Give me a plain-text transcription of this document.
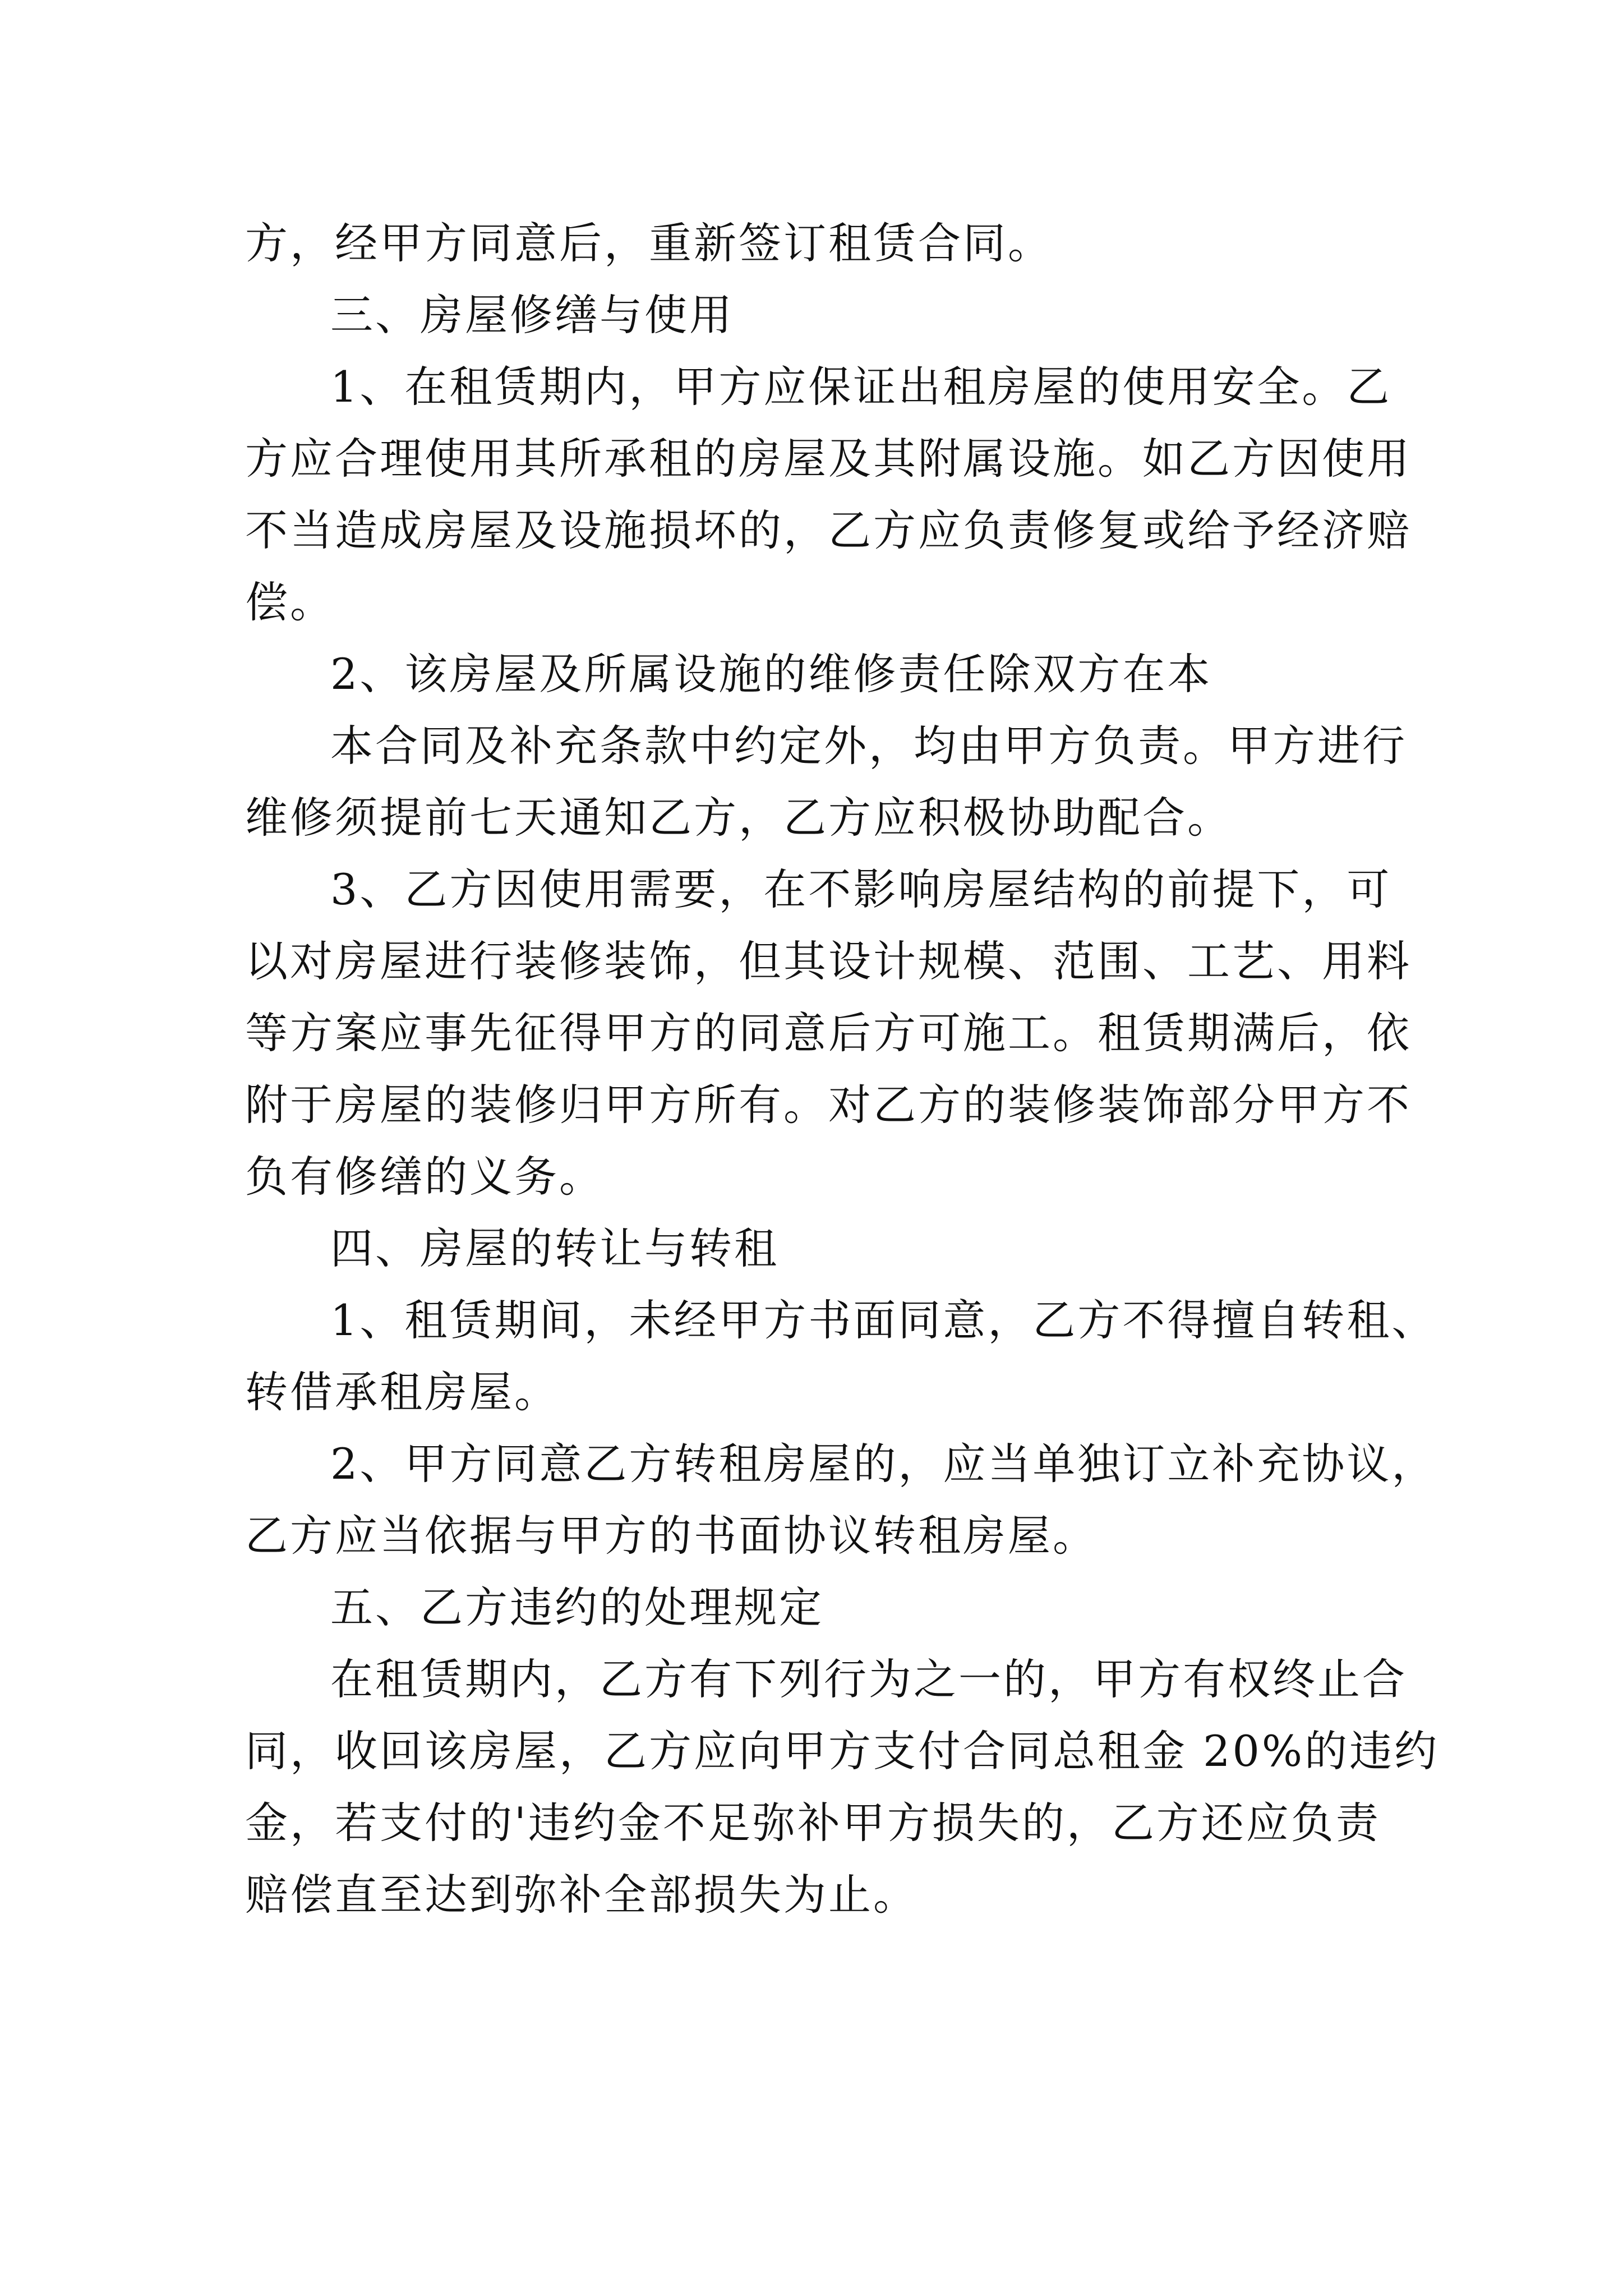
方，经甲方同意后，重新签订租赁合同。
三、房屋修缮与使用
1、在租赁期内，甲方应保证出租房屋的使用安全。乙
方应合理使用其所承租的房屋及其附属设施。如乙方因使用
不当造成房屋及设施损坏的，乙方应负责修复或给予经济赔
偿。
2、该房屋及所属设施的维修责任除双方在本
本合同及补充条款中约定外，均由甲方负责。甲方进行
维修须提前七天通知乙方，乙方应积极协助配合。
3、乙方因使用需要，在不影响房屋结构的前提下，可
以对房屋进行装修装饰，但其设计规模、范围、工艺、用料
等方案应事先征得甲方的同意后方可施工。租赁期满后，依
附于房屋的装修归甲方所有。对乙方的装修装饰部分甲方不
负有修缮的义务。
四、房屋的转让与转租
1、租赁期间，未经甲方书面同意，乙方不得擅自转租、
转借承租房屋。
2、甲方同意乙方转租房屋的，应当单独订立补充协议，
乙方应当依据与甲方的书面协议转租房屋。
五、乙方违约的处理规定
在租赁期内，乙方有下列行为之一的，甲方有权终止合
同，收回该房屋，乙方应向甲方支付合同总租金 20%的违约
金，若支付的'违约金不足弥补甲方损失的，乙方还应负责
赔偿直至达到弥补全部损失为止。
